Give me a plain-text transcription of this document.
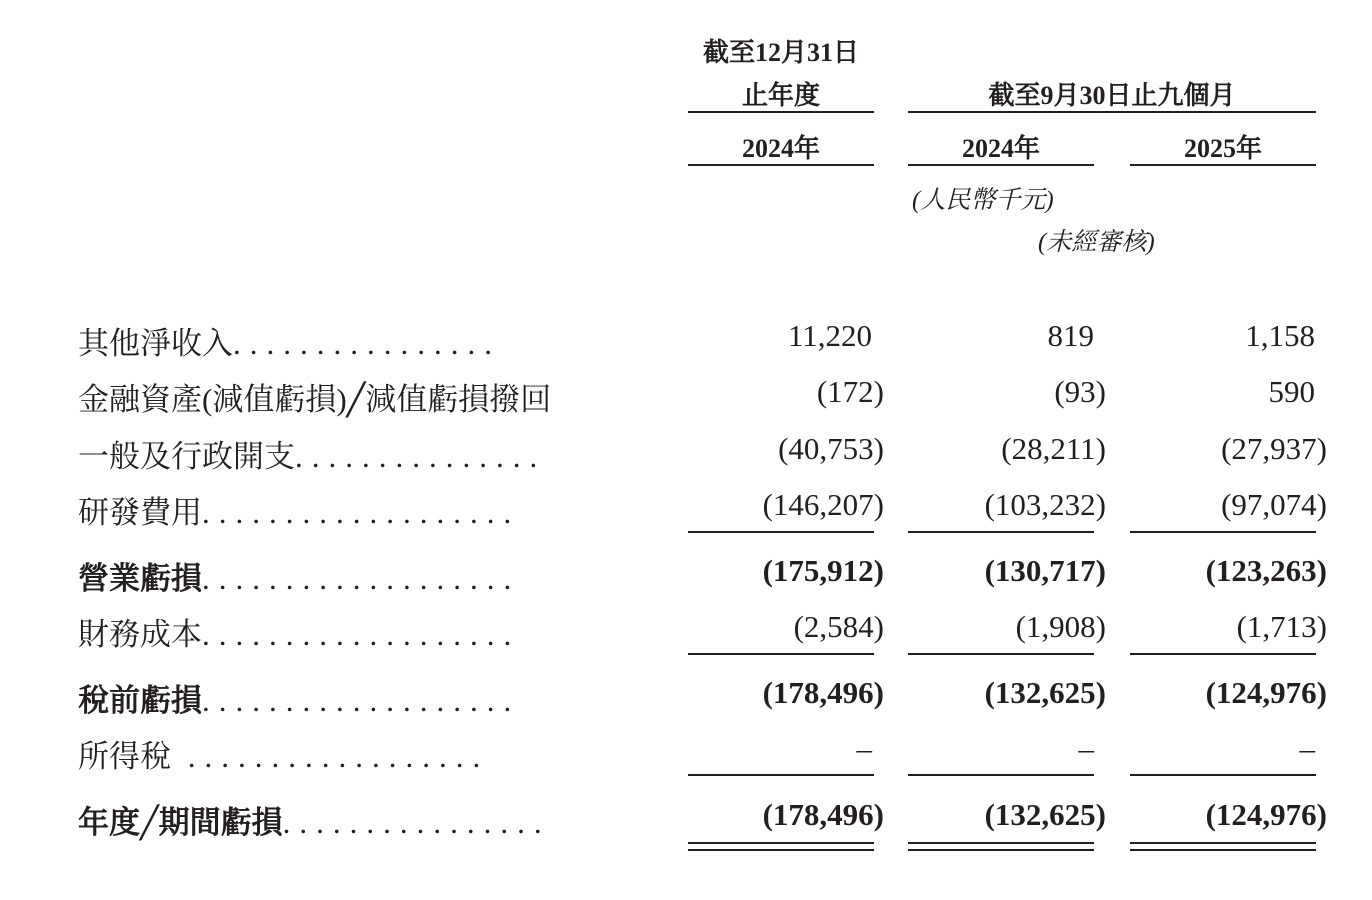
截至12月31日
止年度	截至9月30日止九個月
2024年	2024年	2025年
(人民幣千元)
(未經審核)
其他淨收入................	11,220	819	1,158
金融資產(減值虧損)╱減值虧損撥回	(172)	(93)	590
一般及行政開支...............	(40,753)	(28,211)	(27,937)
研發費用...................	(146,207)	(103,232)	(97,074)
營業虧損...................	(175,912)	(130,717)	(123,263)
財務成本...................	(2,584)	(1,908)	(1,713)
稅前虧損...................	(178,496)	(132,625)	(124,976)
所得稅 ..................	–	–	–
年度╱期間虧損................	(178,496)	(132,625)	(124,976)
